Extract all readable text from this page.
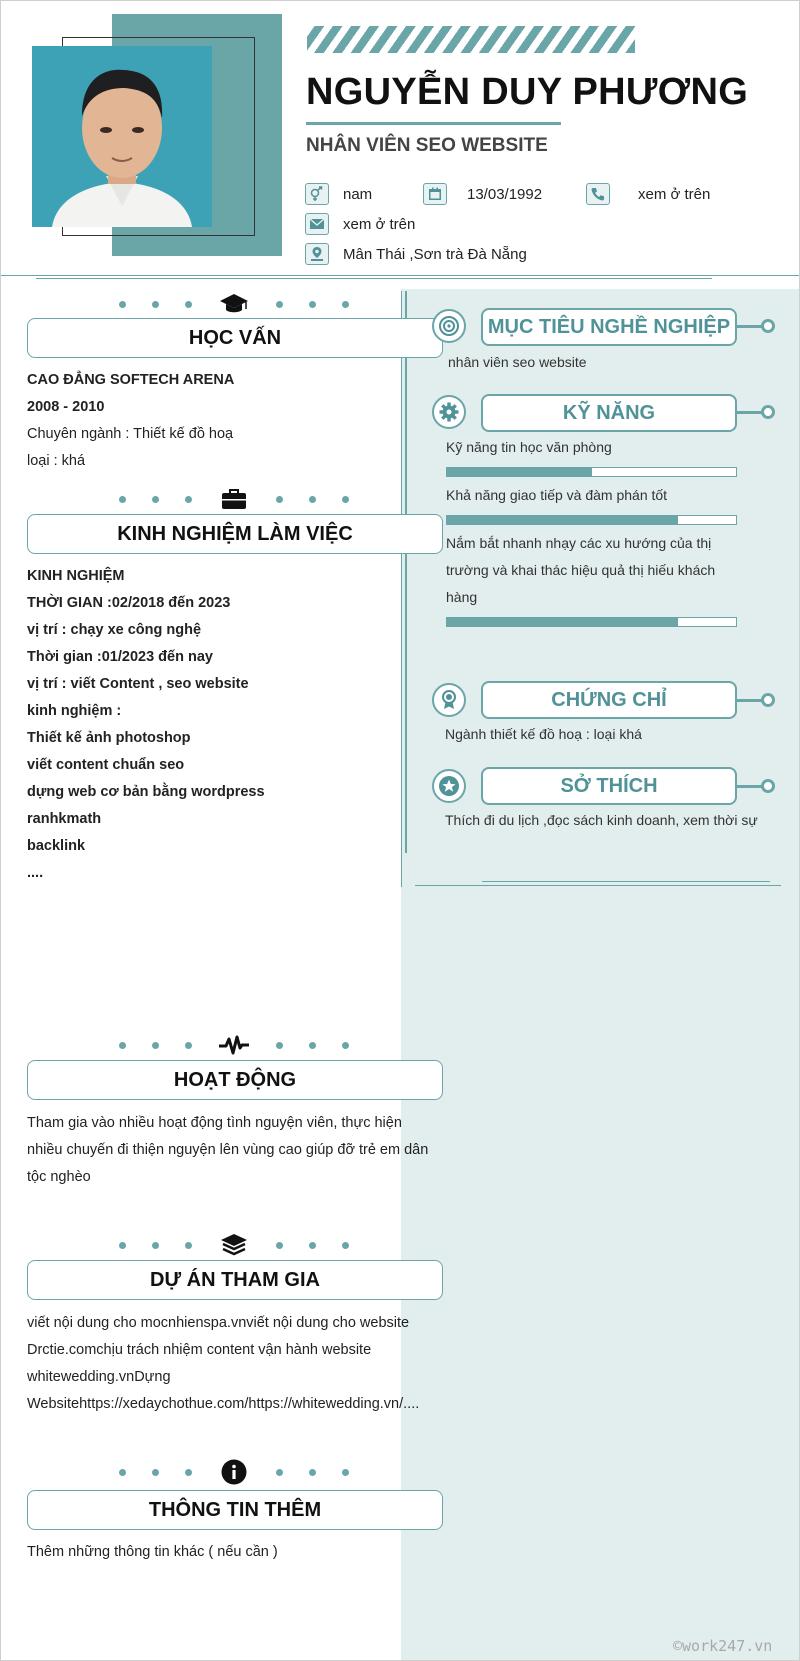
NGUYỄN DUY PHƯƠNG
NHÂN VIÊN SEO WEBSITE
nam	13/03/1992	xem ở trên
xem ở trên
Mân Thái ,Sơn trà Đà Nẵng
HỌC VẤN
CAO ĐẲNG SOFTECH ARENA
2008 - 2010
Chuyên ngành : Thiết kế đồ hoạ
loại : khá
KINH NGHIỆM LÀM VIỆC
KINH NGHIỆM
THỜI GIAN :02/2018 đến 2023
vị trí : chạy xe công nghệ
Thời gian :01/2023 đến nay
vị trí : viết Content , seo website
kinh nghiệm :
Thiết kế ảnh photoshop
viết content chuẩn seo
dựng web cơ bản bằng wordpress
ranhkmath
backlink
....
HOẠT ĐỘNG
Tham gia vào nhiều hoạt động tình nguyện viên, thực hiện
nhiều chuyến đi thiện nguyện lên vùng cao giúp đỡ trẻ em dân
tộc nghèo
DỰ ÁN THAM GIA
viết nội dung cho mocnhienspa.vnviết nội dung cho website
Drctie.comchịu trách nhiệm content vận hành website
whitewedding.vnDựng
Websitehttps://xedaychothue.com/https://whitewedding.vn/....
THÔNG TIN THÊM
Thêm những thông tin khác ( nếu cần )
MỤC TIÊU NGHỀ NGHIỆP
nhân viên seo website
KỸ NĂNG
Kỹ năng tin học văn phòng
Khả năng giao tiếp và đàm phán tốt
Nắm bắt nhanh nhạy các xu hướng của thị
trường và khai thác hiệu quả thị hiếu khách
hàng
CHỨNG CHỈ
Ngành thiết kế đồ hoạ : loại khá
SỞ THÍCH
Thích đi du lịch ,đọc sách kinh doanh, xem thời sự
©work247.vn
